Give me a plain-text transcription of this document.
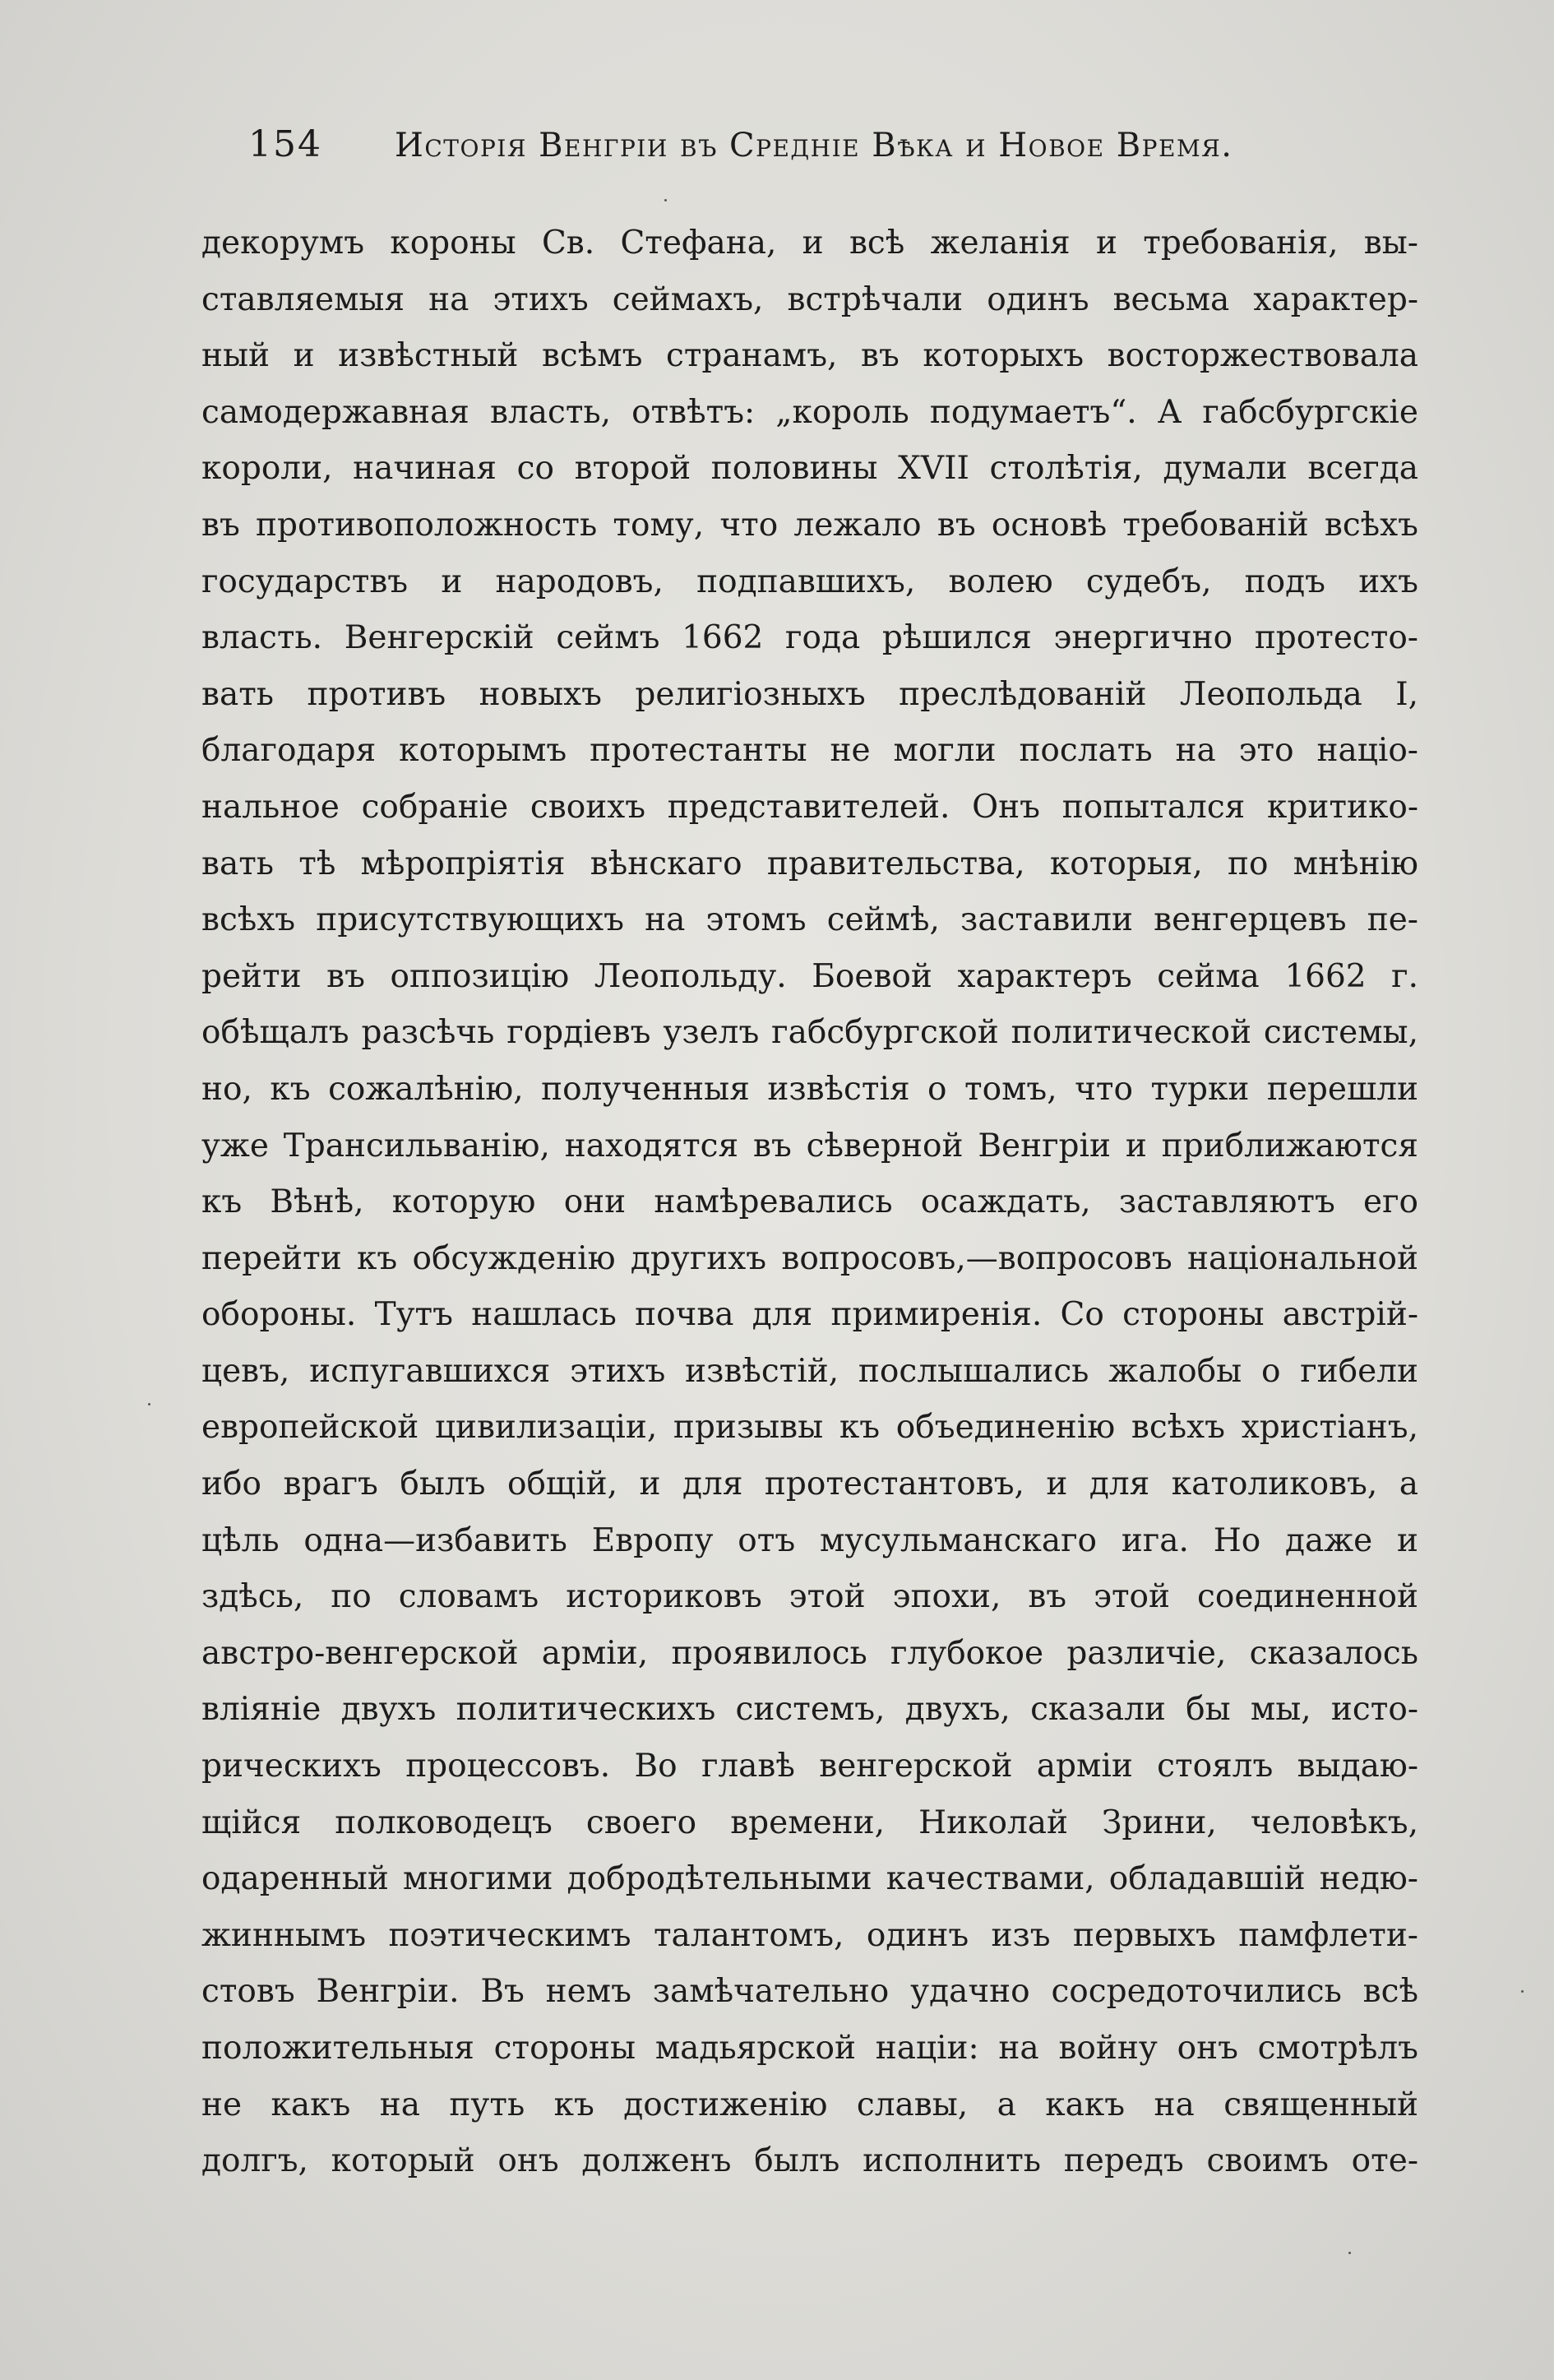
154 Исторія Венгріи въ Средніе Вѣка и Новое Время.
декорумъ короны Св. Стефана, и всѣ желанія и требованія, вы-
ставляемыя на этихъ сеймахъ, встрѣчали одинъ весьма характер-
ный и извѣстный всѣмъ странамъ, въ которыхъ восторжествовала
самодержавная власть, отвѣтъ: „король подумаетъ“. А габсбургскіе
короли, начиная со второй половины XVII столѣтія, думали всегда
въ противоположность тому, что лежало въ основѣ требованій всѣхъ
государствъ и народовъ, подпавшихъ, волею судебъ, подъ ихъ
власть. Венгерскій сеймъ 1662 года рѣшился энергично протесто-
вать противъ новыхъ религіозныхъ преслѣдованій Леопольда I,
благодаря которымъ протестанты не могли послать на это націо-
нальное собраніе своихъ представителей. Онъ попытался критико-
вать тѣ мѣропріятія вѣнскаго правительства, которыя, по мнѣнію
всѣхъ присутствующихъ на этомъ сеймѣ, заставили венгерцевъ пе-
рейти въ оппозицію Леопольду. Боевой характеръ сейма 1662 г.
обѣщалъ разсѣчь гордіевъ узелъ габсбургской политической системы,
но, къ сожалѣнію, полученныя извѣстія о томъ, что турки перешли
уже Трансильванію, находятся въ сѣверной Венгріи и приближаются
къ Вѣнѣ, которую они намѣревались осаждать, заставляютъ его
перейти къ обсужденію другихъ вопросовъ,—вопросовъ національной
обороны. Тутъ нашлась почва для примиренія. Со стороны австрій-
цевъ, испугавшихся этихъ извѣстій, послышались жалобы о гибели
европейской цивилизаціи, призывы къ объединенію всѣхъ христіанъ,
ибо врагъ былъ общій, и для протестантовъ, и для католиковъ, а
цѣль одна—избавить Европу отъ мусульманскаго ига. Но даже и
здѣсь, по словамъ историковъ этой эпохи, въ этой соединенной
австро-венгерской арміи, проявилось глубокое различіе, сказалось
вліяніе двухъ политическихъ системъ, двухъ, сказали бы мы, исто-
рическихъ процессовъ. Во главѣ венгерской арміи стоялъ выдаю-
щійся полководецъ своего времени, Николай Зрини, человѣкъ,
одаренный многими добродѣтельными качествами, обладавшій недю-
жиннымъ поэтическимъ талантомъ, одинъ изъ первыхъ памфлети-
стовъ Венгріи. Въ немъ замѣчательно удачно сосредоточились всѣ
положительныя стороны мадьярской націи: на войну онъ смотрѣлъ
не какъ на путь къ достиженію славы, а какъ на священный
долгъ, который онъ долженъ былъ исполнить передъ своимъ оте-
